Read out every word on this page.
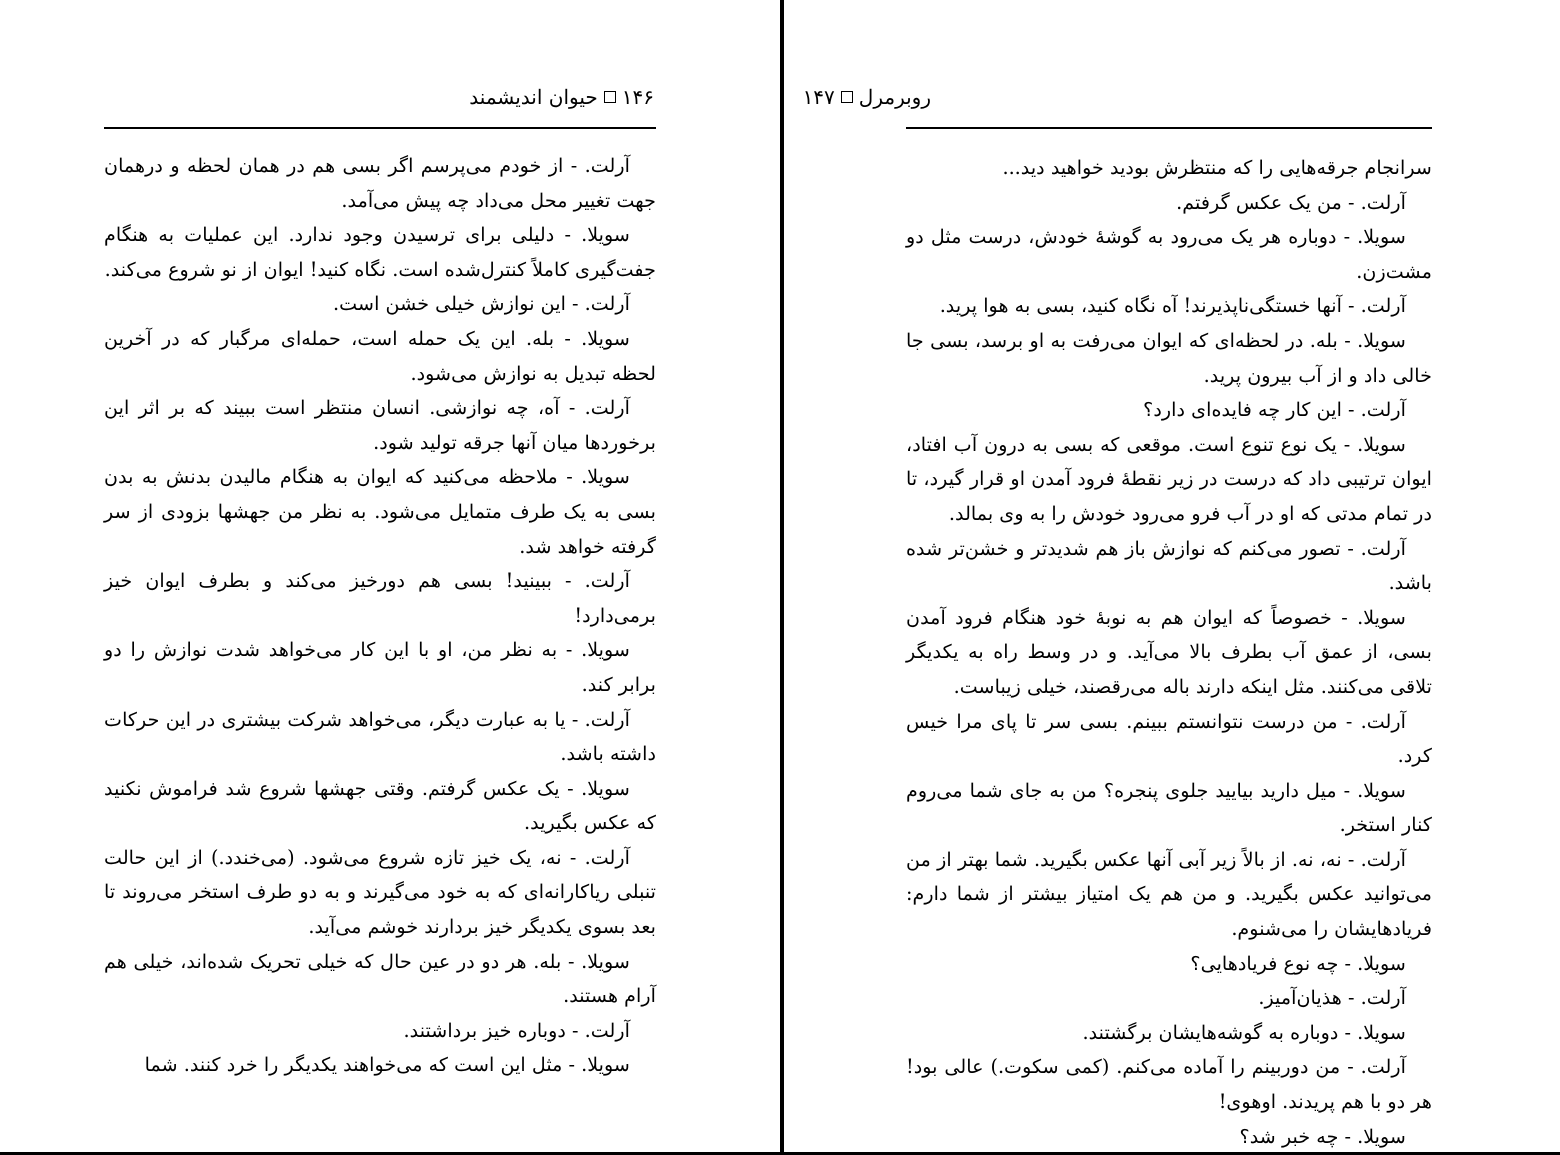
۱۴۶
حیوان اندیشمند

آرلت. - از خودم می‌پرسم اگر بسی هم در همان لحظه و درهمان جهت تغییر محل می‌داد چه پیش می‌آمد.

سویلا. - دلیلی برای ترسیدن وجود ندارد. این عملیات به هنگام جفت‌گیری کاملاً کنترل‌شده است. نگاه کنید! ایوان از نو شروع می‌کند.

آرلت. - این نوازش خیلی خشن است.

سویلا. - بله. این یک حمله است، حمله‌ای مرگبار که در آخرین لحظه تبدیل به نوازش می‌شود.

آرلت. - آه، چه نوازشی. انسان منتظر است ببیند که بر اثر این برخوردها میان آنها جرقه تولید شود.

سویلا. - ملاحظه می‌کنید که ایوان به هنگام مالیدن بدنش به بدن بسی به یک طرف متمایل می‌شود. به نظر من جهشها بزودی از سر گرفته خواهد شد.

آرلت. - ببینید! بسی هم دورخیز می‌کند و بطرف ایوان خیز برمی‌دارد!

سویلا. - به نظر من، او با این کار می‌خواهد شدت نوازش را دو برابر کند.

آرلت. - یا به عبارت دیگر، می‌خواهد شرکت بیشتری در این حرکات داشته باشد.

سویلا. - یک عکس گرفتم. وقتی جهشها شروع شد فراموش نکنید که عکس بگیرید.

آرلت. - نه، یک خیز تازه شروع می‌شود. (می‌خندد.) از این حالت تنبلی ریاکارانه‌ای که به خود می‌گیرند و به دو طرف استخر می‌روند تا بعد بسوی یکدیگر خیز بردارند خوشم می‌آید.

سویلا. - بله. هر دو در عین حال که خیلی تحریک شده‌اند، خیلی هم آرام هستند.

آرلت. - دوباره خیز برداشتند.

سویلا. - مثل این است که می‌خواهند یکدیگر را خرد کنند. شما

روبرمرل
۱۴۷

سرانجام جرقه‌هایی را که منتظرش بودید خواهید دید...

آرلت. - من یک عکس گرفتم.

سویلا. - دوباره هر یک می‌رود به گوشهٔ خودش، درست مثل دو مشت‌زن.

آرلت. - آنها خستگی‌ناپذیرند! آه نگاه کنید، بسی به هوا پرید.

سویلا. - بله. در لحظه‌ای که ایوان می‌رفت به او برسد، بسی جا خالی داد و از آب بیرون پرید.

آرلت. - این کار چه فایده‌ای دارد؟

سویلا. - یک نوع تنوع است. موقعی که بسی به درون آب افتاد، ایوان ترتیبی داد که درست در زیر نقطهٔ فرود آمدن او قرار گیرد، تا در تمام مدتی که او در آب فرو می‌رود خودش را به وی بمالد.

آرلت. - تصور می‌کنم که نوازش باز هم شدیدتر و خشن‌تر شده باشد.

سویلا. - خصوصاً که ایوان هم به نوبهٔ خود هنگام فرود آمدن بسی، از عمق آب بطرف بالا می‌آید. و در وسط راه به یکدیگر تلاقی می‌کنند. مثل اینکه دارند باله می‌رقصند، خیلی زیباست.

آرلت. - من درست نتوانستم ببینم. بسی سر تا پای مرا خیس کرد.

سویلا. - میل دارید بیایید جلوی پنجره؟ من به جای شما می‌روم کنار استخر.

آرلت. - نه، نه. از بالاً زیر آبی آنها عکس بگیرید. شما بهتر از من می‌توانید عکس بگیرید. و من هم یک امتیاز بیشتر از شما دارم: فریادهایشان را می‌شنوم.

سویلا. - چه نوع فریادهایی؟

آرلت. - هذیان‌آمیز.

سویلا. - دوباره به گوشه‌هایشان برگشتند.

آرلت. - من دوربینم را آماده می‌کنم. (کمی سکوت.) عالی بود! هر دو با هم پریدند. اوهوی!

سویلا. - چه خبر شد؟
